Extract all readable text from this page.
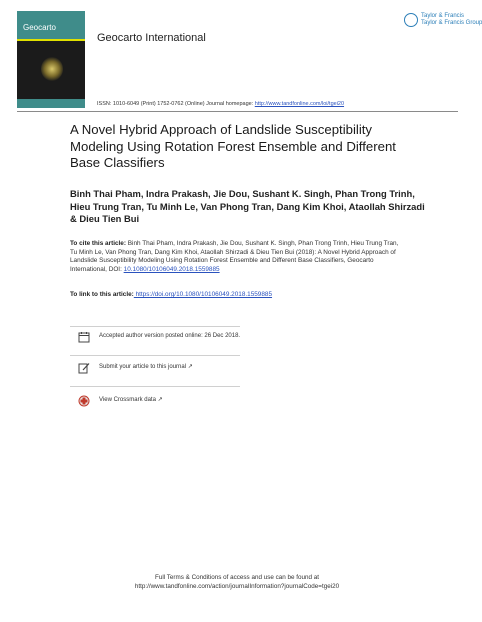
Geocarto
Geocarto International
Taylor & Francis
Taylor & Francis Group
ISSN: 1010-6049 (Print) 1752-0762 (Online) Journal homepage: http://www.tandfonline.com/loi/tgei20
A Novel Hybrid Approach of Landslide Susceptibility Modeling Using Rotation Forest Ensemble and Different Base Classifiers
Binh Thai Pham, Indra Prakash, Jie Dou, Sushant K. Singh, Phan Trong Trinh, Hieu Trung Tran, Tu Minh Le, Van Phong Tran, Dang Kim Khoi, Ataollah Shirzadi & Dieu Tien Bui
To cite this article: Binh Thai Pham, Indra Prakash, Jie Dou, Sushant K. Singh, Phan Trong Trinh, Hieu Trung Tran, Tu Minh Le, Van Phong Tran, Dang Kim Khoi, Ataollah Shirzadi & Dieu Tien Bui (2018): A Novel Hybrid Approach of Landslide Susceptibility Modeling Using Rotation Forest Ensemble and Different Base Classifiers, Geocarto International, DOI: 10.1080/10106049.2018.1559885
To link to this article: https://doi.org/10.1080/10106049.2018.1559885
Accepted author version posted online: 26 Dec 2018.
Submit your article to this journal ↗
View Crossmark data ↗
Full Terms & Conditions of access and use can be found at
http://www.tandfonline.com/action/journalInformation?journalCode=tgei20
